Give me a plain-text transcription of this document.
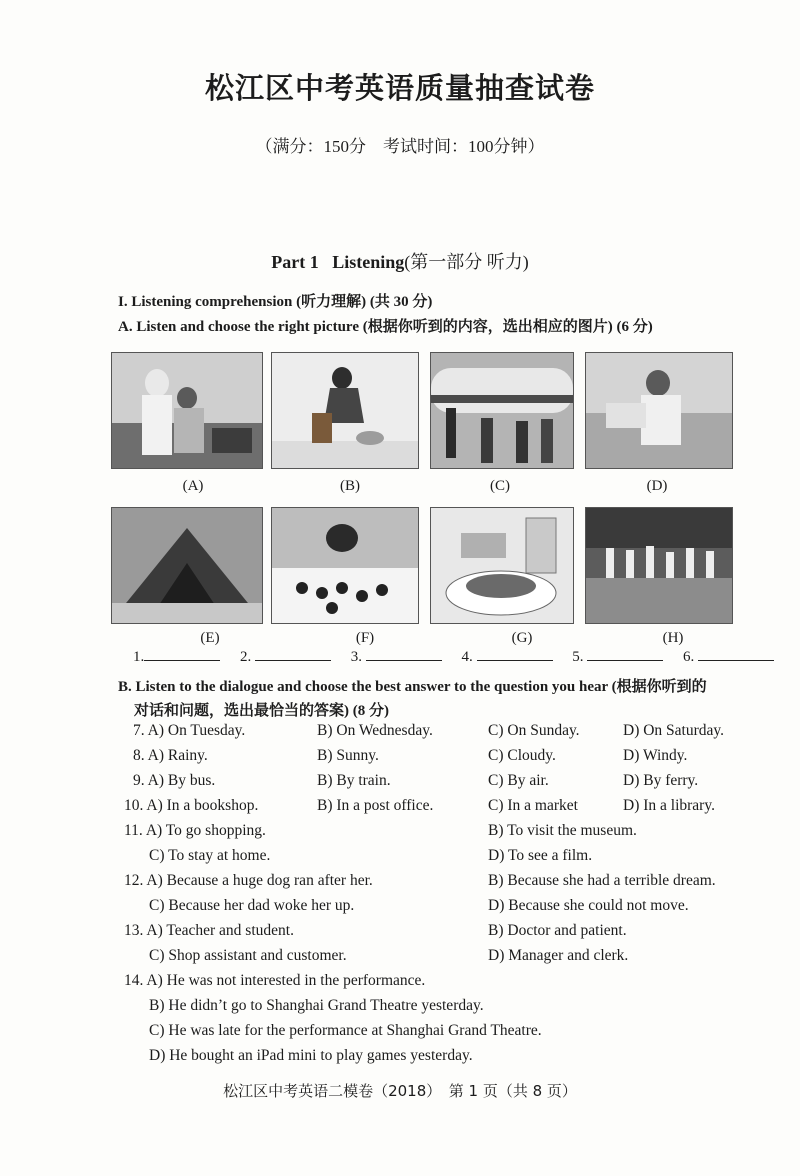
松江区中考英语质量抽查试卷
（满分：150分　考试时间：100分钟）
Part 1 Listening(第一部分 听力)
I. Listening comprehension (听力理解) (共 30 分)
A. Listen and choose the right picture (根据你听到的内容，选出相应的图片) (6 分)
(A)	(B)	(C)	(D)
(E)	(F)	(G)	(H)
1.	2.	3.	4.	5.	6.
B. Listen to the dialogue and choose the best answer to the question you hear (根据你听到的
对话和问题，选出最恰当的答案) (8 分)
7. A) On Tuesday.	B) On Wednesday.	C) On Sunday.	D) On Saturday.
8. A) Rainy.	B) Sunny.	C) Cloudy.	D) Windy.
9. A) By bus.	B) By train.	C) By air.	D) By ferry.
10. A) In a bookshop.	B) In a post office.	C) In a market	D) In a library.
11. A) To go shopping.	B) To visit the museum.
C) To stay at home.	D) To see a film.
12. A) Because a huge dog ran after her.	B) Because she had a terrible dream.
C) Because her dad woke her up.	D) Because she could not move.
13. A) Teacher and student.	B) Doctor and patient.
C) Shop assistant and customer.	D) Manager and clerk.
14. A) He was not interested in the performance.
B) He didn’t go to Shanghai Grand Theatre yesterday.
C) He was late for the performance at Shanghai Grand Theatre.
D) He bought an iPad mini to play games yesterday.
松江区中考英语二模卷（2018）　第 1 页（共 8 页）
